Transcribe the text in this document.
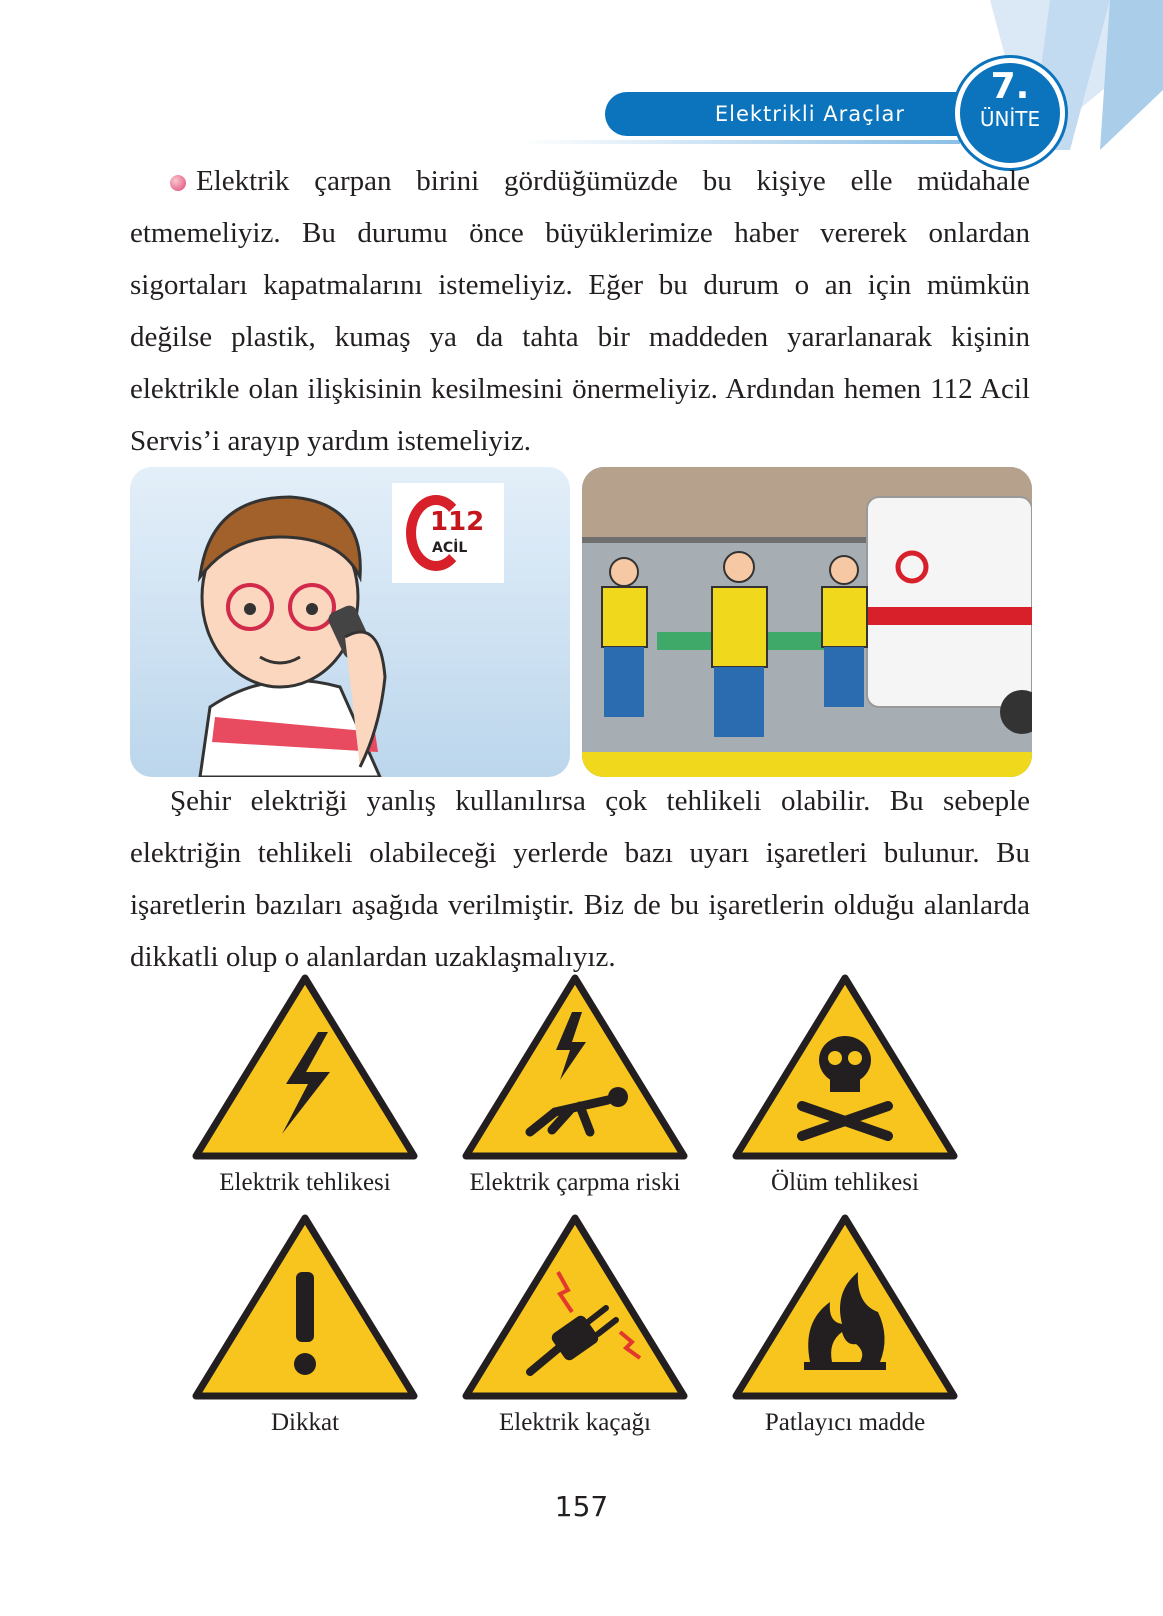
Elektrikli Araçlar
7.
ÜNİTE

Elektrik çarpan birini gördüğümüzde bu kişiye elle müdahale etmemeliyiz. Bu durumu önce büyüklerimize haber vererek onlardan sigortaları kapatmalarını istemeliyiz. Eğer bu durum o an için mümkün değilse plastik, kumaş ya da tahta bir maddeden yararlanarak kişinin elektrikle olan ilişkisinin kesilmesini önermeliyiz. Ardından hemen 112 Acil Servis’i arayıp yardım istemeliyiz.

112
ACİL

Şehir elektriği yanlış kullanılırsa çok tehlikeli olabilir. Bu sebeple elektriğin tehlikeli olabileceği yerlerde bazı uyarı işaretleri bulunur. Bu işaretlerin bazıları aşağıda verilmiştir. Biz de bu işaretlerin olduğu alanlarda dikkatli olup o alanlardan uzaklaşmalıyız.

Elektrik tehlikesi	Elektrik çarpma riski	Ölüm tehlikesi
Dikkat	Elektrik kaçağı	Patlayıcı madde
157
